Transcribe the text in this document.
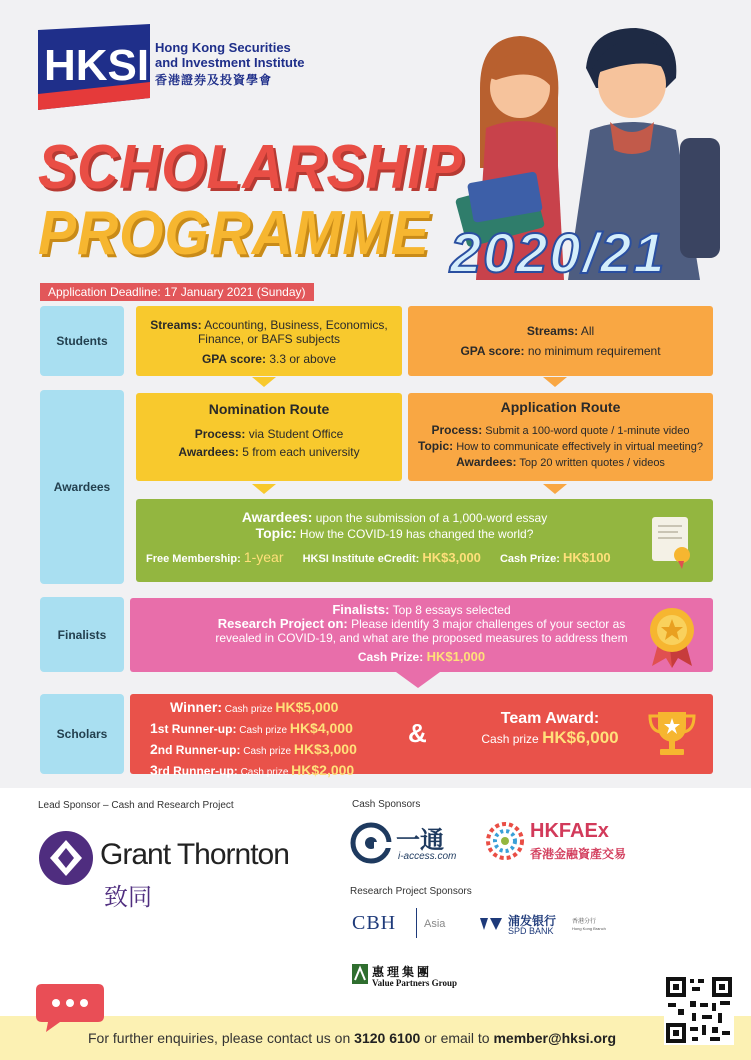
HKSI Hong Kong Securities
and Investment Institute
香港證券及投資學會
SCHOLARSHIP
PROGRAMME 2020/21
Application Deadline: 17 January 2021 (Sunday)
Students
Awardees
Finalists
Scholars
Streams: Accounting, Business, Economics,
Finance, or BAFS subjects
GPA score: 3.3 or above
Streams: All
GPA score: no minimum requirement
Nomination Route
Process: via Student Office
Awardees: 5 from each university
Application Route
Process: Submit a 100-word quote / 1-minute video
Topic: How to communicate effectively in virtual meeting?
Awardees: Top 20 written quotes / videos
Awardees: upon the submission of a 1,000-word essay
Topic: How the COVID-19 has changed the world?
Free Membership: 1-year HKSI Institute eCredit: HK$3,000 Cash Prize: HK$100
Finalists: Top 8 essays selected
Research Project on: Please identify 3 major challenges of your sector as
revealed in COVID-19, and what are the proposed measures to address them
Cash Prize: HK$1,000
Winner: Cash prize HK$5,000
1st Runner-up: Cash prize HK$4,000
2nd Runner-up: Cash prize HK$3,000
3rd Runner-up: Cash prize HK$2,000
&	Team Award:
Cash prize HK$6,000
Lead Sponsor – Cash and Research Project
Grant Thornton
致同
Cash Sponsors
一通
i-access.com
HKFAEx
香港金融資產交易
Research Project Sponsors
CBH	Asia	浦发银行
SPD BANK
香港分行
Hong Kong Branch
惠理集團
Value Partners Group
For further enquiries, please contact us on 3120 6100 or email to member@hksi.org
